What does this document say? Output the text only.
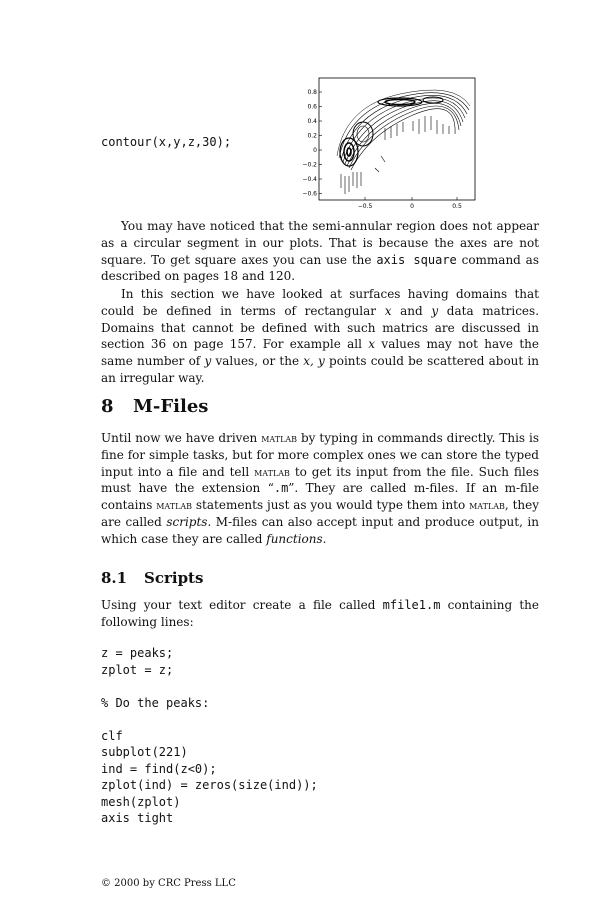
contour(x,y,z,30);
0.8
0.6
0.4
0.2
0
−0.2
−0.4
−0.6
−0.5	0	0.5

You may have noticed that the semi-annular region does not appear as a circular segment in our plots. That is because the axes are not square. To get square axes you can use the axis square command as described on pages 18 and 120.

In this section we have looked at surfaces having domains that could be defined in terms of rectangular x and y data matrices. Domains that cannot be defined with such matrics are discussed in section 36 on page 157. For example all x values may not have the same number of y values, or the x, y points could be scattered about in an irregular way.

8 M-Files

Until now we have driven matlab by typing in commands directly. This is fine for simple tasks, but for more complex ones we can store the typed input into a file and tell matlab to get its input from the file. Such files must have the extension “.m”. They are called m-files. If an m-file contains matlab statements just as you would type them into matlab, they are called scripts. M-files can also accept input and produce output, in which case they are called functions.

8.1 Scripts

Using your text editor create a file called mfile1.m containing the following lines:

z = peaks;
zplot = z;

% Do the peaks:

clf
subplot(221)
ind = find(z<0);
zplot(ind) = zeros(size(ind));
mesh(zplot)
axis tight
© 2000 by CRC Press LLC
